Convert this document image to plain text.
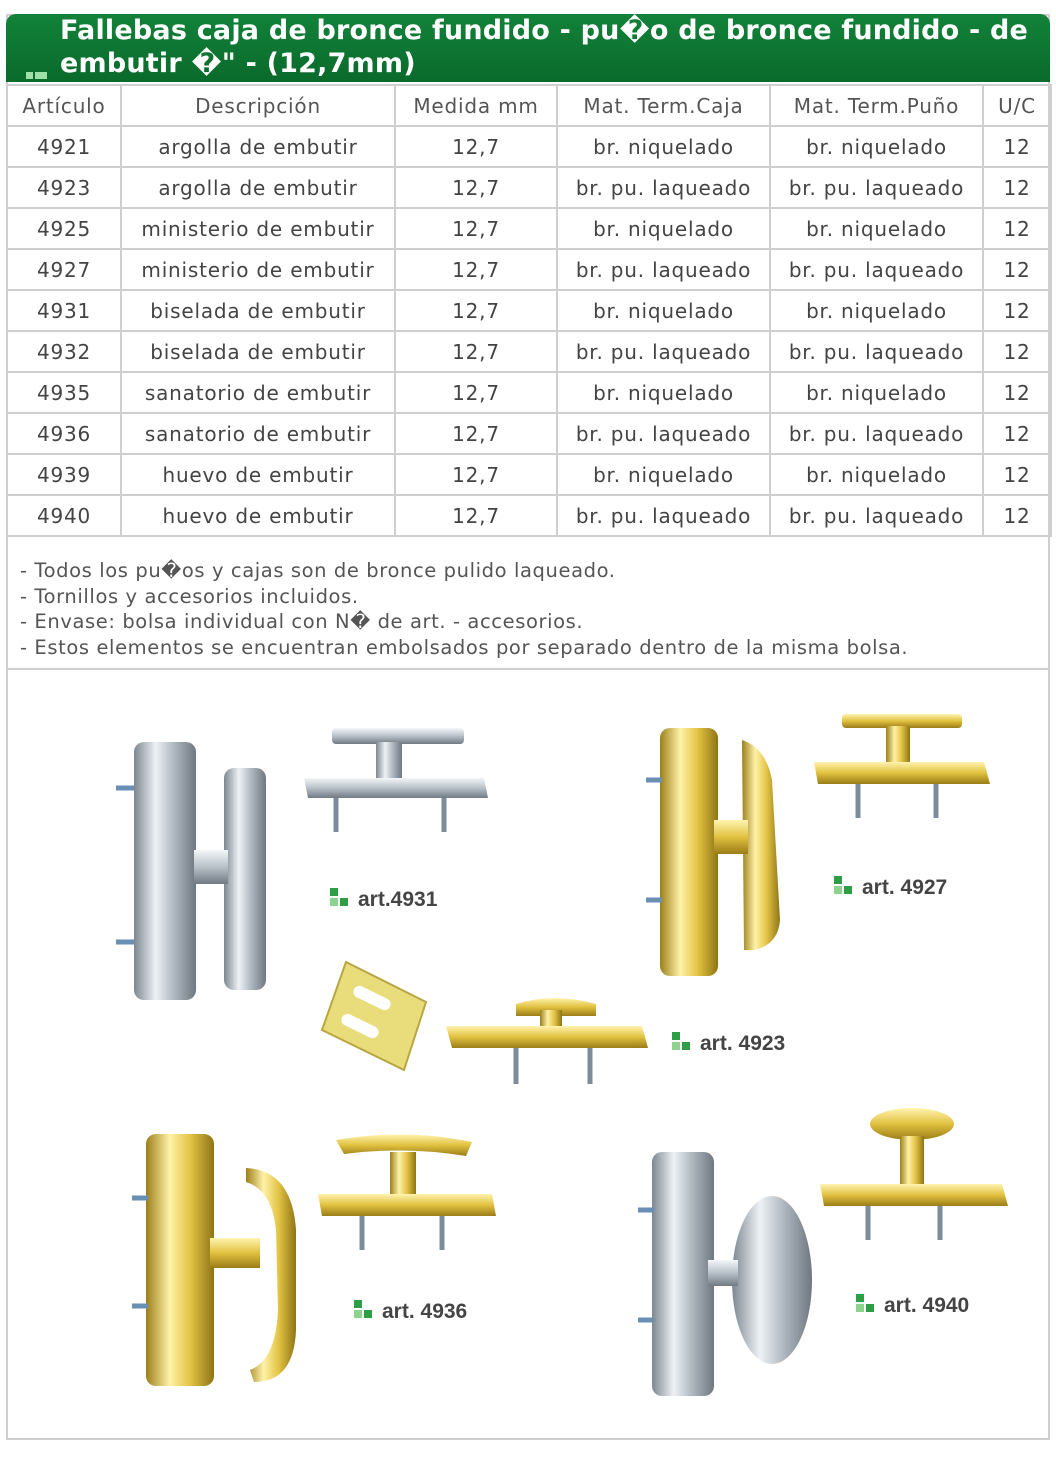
Fallebas caja de bronce fundido - pu�o de bronce fundido - de embutir �" - (12,7mm)
Artículo	Descripción	Medida mm	Mat. Term.Caja	Mat. Term.Puño	U/C
4921	argolla de embutir	12,7	br. niquelado	br. niquelado	12
4923	argolla de embutir	12,7	br. pu. laqueado	br. pu. laqueado	12
4925	ministerio de embutir	12,7	br. niquelado	br. niquelado	12
4927	ministerio de embutir	12,7	br. pu. laqueado	br. pu. laqueado	12
4931	biselada de embutir	12,7	br. niquelado	br. niquelado	12
4932	biselada de embutir	12,7	br. pu. laqueado	br. pu. laqueado	12
4935	sanatorio de embutir	12,7	br. niquelado	br. niquelado	12
4936	sanatorio de embutir	12,7	br. pu. laqueado	br. pu. laqueado	12
4939	huevo de embutir	12,7	br. niquelado	br. niquelado	12
4940	huevo de embutir	12,7	br. pu. laqueado	br. pu. laqueado	12
- Todos los pu�os y cajas son de bronce pulido laqueado.
- Tornillos y accesorios incluidos.
- Envase: bolsa individual con N� de art. - accesorios.
- Estos elementos se encuentran embolsados por separado dentro de la misma bolsa.
art.4931
art. 4927
art. 4923
art. 4936	art. 4940
